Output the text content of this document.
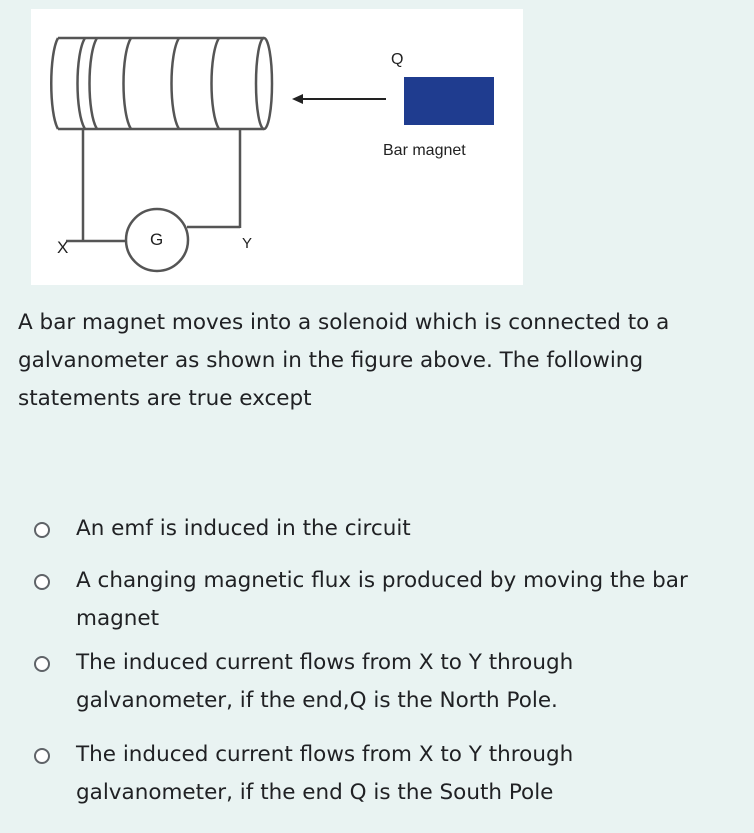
Q
Bar magnet
G
X	Y
A bar magnet moves into a solenoid which is connected to a galvanometer as shown in the figure above. The following statements are true except
An emf is induced in the circuit
A changing magnetic flux is produced by moving the bar magnet
The induced current flows from X to Y through galvanometer, if the end,Q is the North Pole.
The induced current flows from X to Y through galvanometer, if the end Q is the South Pole
